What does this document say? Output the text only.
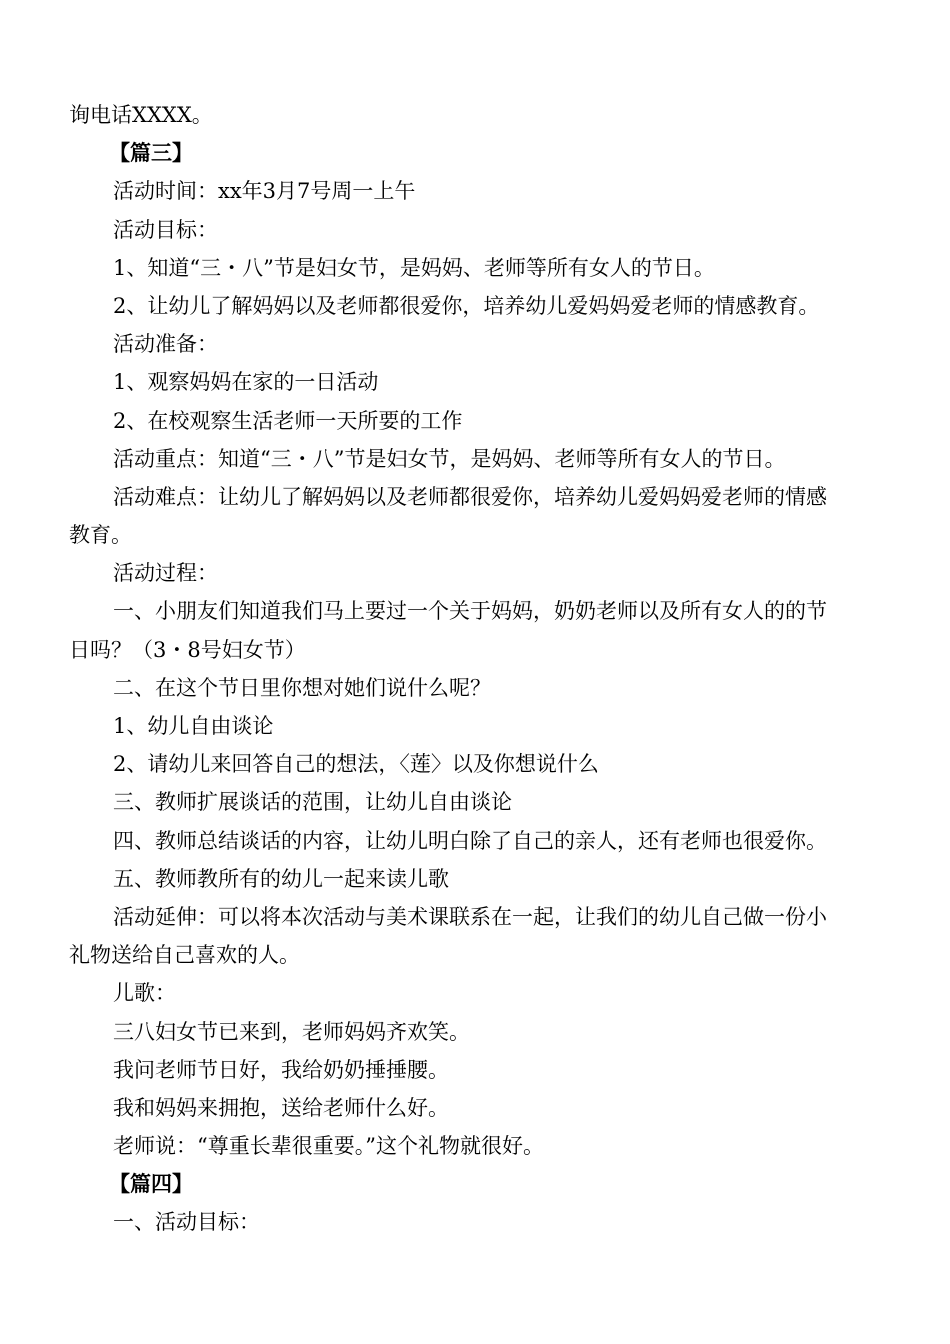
询电话XXXX。
【篇三】
活动时间：xx年3月7号周一上午
活动目标：
1、知道“三・八”节是妇女节，是妈妈、老师等所有女人的节日。
2、让幼儿了解妈妈以及老师都很爱你，培养幼儿爱妈妈爱老师的情感教育。
活动准备：
1、观察妈妈在家的一日活动
2、在校观察生活老师一天所要的工作
活动重点：知道“三・八”节是妇女节，是妈妈、老师等所有女人的节日。
活动难点：让幼儿了解妈妈以及老师都很爱你，培养幼儿爱妈妈爱老师的情感
教育。
活动过程：
一、小朋友们知道我们马上要过一个关于妈妈，奶奶老师以及所有女人的的节
日吗？（3・8号妇女节）
二、在这个节日里你想对她们说什么呢？
1、幼儿自由谈论
2、请幼儿来回答自己的想法，〈莲〉以及你想说什么
三、教师扩展谈话的范围，让幼儿自由谈论
四、教师总结谈话的内容，让幼儿明白除了自己的亲人，还有老师也很爱你。
五、教师教所有的幼儿一起来读儿歌
活动延伸：可以将本次活动与美术课联系在一起，让我们的幼儿自己做一份小
礼物送给自己喜欢的人。
儿歌：
三八妇女节已来到，老师妈妈齐欢笑。
我问老师节日好，我给奶奶捶捶腰。
我和妈妈来拥抱，送给老师什么好。
老师说：“尊重长辈很重要。”这个礼物就很好。
【篇四】
一、活动目标：
